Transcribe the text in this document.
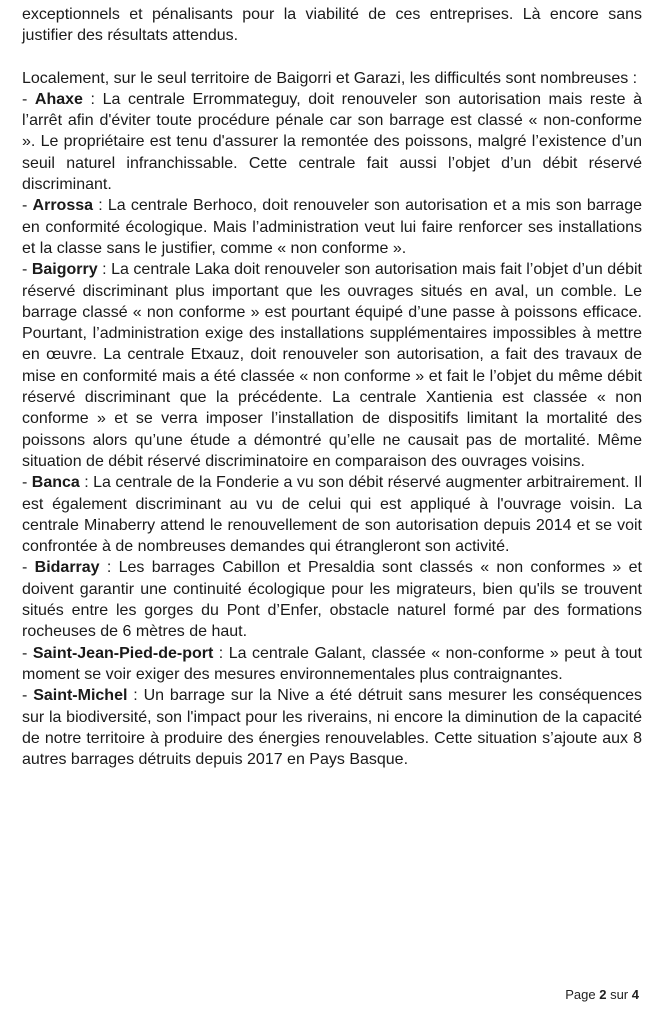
exceptionnels et pénalisants pour la viabilité de ces entreprises. Là encore sans justifier des résultats attendus.

Localement, sur le seul territoire de Baigorri et Garazi, les difficultés sont nombreuses :

- Ahaxe : La centrale Errommateguy, doit renouveler son autorisation mais reste à l’arrêt afin d'éviter toute procédure pénale car son barrage est classé « non-conforme ». Le propriétaire est tenu d'assurer la remontée des poissons, malgré l’existence d’un seuil naturel infranchissable. Cette centrale fait aussi l’objet d’un débit réservé discriminant.

- Arrossa : La centrale Berhoco, doit renouveler son autorisation et a mis son barrage en conformité écologique. Mais l’administration veut lui faire renforcer ses installations et la classe sans le justifier, comme « non conforme ».

- Baigorry : La centrale Laka doit renouveler son autorisation mais fait l’objet d’un débit réservé discriminant plus important que les ouvrages situés en aval, un comble. Le barrage classé « non conforme » est pourtant équipé d’une passe à poissons efficace. Pourtant, l’administration exige des installations supplémentaires impossibles à mettre en œuvre. La centrale Etxauz, doit renouveler son autorisation, a fait des travaux de mise en conformité mais a été classée « non conforme » et fait le l’objet du même débit réservé discriminant que la précédente. La centrale Xantienia est classée « non conforme » et se verra imposer l’installation de dispositifs limitant la mortalité des poissons alors qu’une étude a démontré qu’elle ne causait pas de mortalité. Même situation de débit réservé discriminatoire en comparaison des ouvrages voisins.

- Banca : La centrale de la Fonderie a vu son débit réservé augmenter arbitrairement. Il est également discriminant au vu de celui qui est appliqué à l'ouvrage voisin. La centrale Minaberry attend le renouvellement de son autorisation depuis 2014 et se voit confrontée à de nombreuses demandes qui étrangleront son activité.

- Bidarray : Les barrages Cabillon et Presaldia sont classés « non conformes » et doivent garantir une continuité écologique pour les migrateurs, bien qu'ils se trouvent situés entre les gorges du Pont d’Enfer, obstacle naturel formé par des formations rocheuses de 6 mètres de haut.

- Saint-Jean-Pied-de-port : La centrale Galant, classée « non-conforme » peut à tout moment se voir exiger des mesures environnementales plus contraignantes.

- Saint-Michel : Un barrage sur la Nive a été détruit sans mesurer les conséquences sur la biodiversité, son l'impact pour les riverains, ni encore la diminution de la capacité de notre territoire à produire des énergies renouvelables. Cette situation s’ajoute aux 8 autres barrages détruits depuis 2017 en Pays Basque.

Page 2 sur 4
